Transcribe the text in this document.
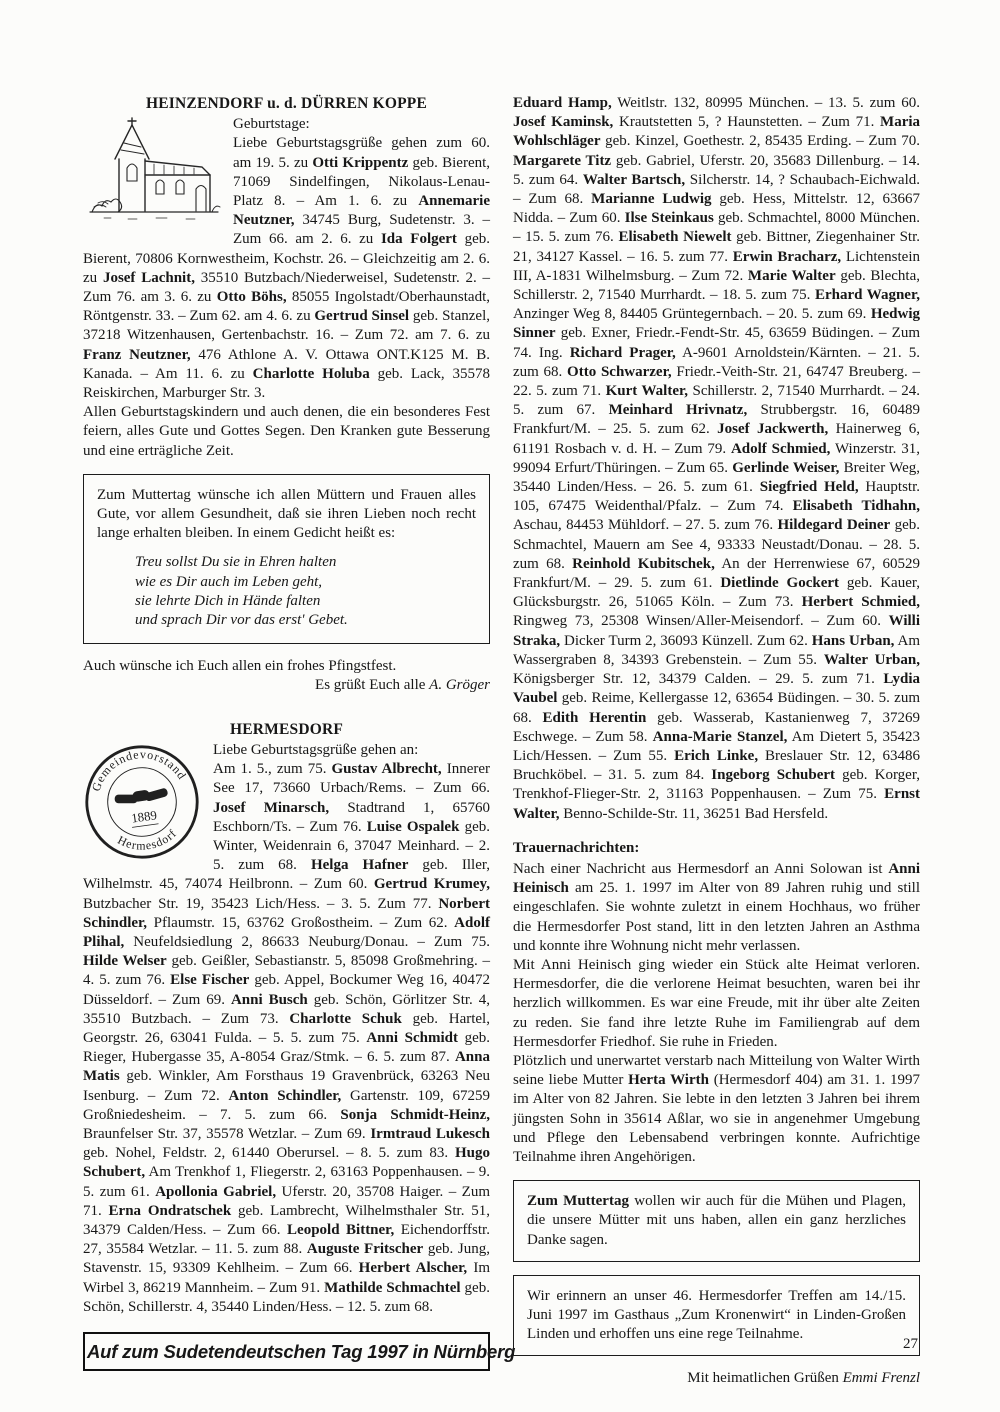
HEINZENDORF u. d. DÜRREN KOPPE
Geburtstage:

Liebe Geburtstagsgrüße gehen zum 60. am 19. 5. zu Otti Krippentz geb. Bierent, 71069 Sindelfingen, Nikolaus-Lenau-Platz 8. – Am 1. 6. zu Annemarie Neutzner, 34745 Burg, Sudetenstr. 3. – Zum 66. am 2. 6. zu Ida Folgert geb. Bierent, 70806 Kornwestheim, Kochstr. 26. – Gleichzeitig am 2. 6. zu Josef Lachnit, 35510 Butzbach/Niederweisel, Sudetenstr. 2. – Zum 76. am 3. 6. zu Otto Böhs, 85055 Ingolstadt/Oberhaunstadt, Röntgenstr. 33. – Zum 62. am 4. 6. zu Gertrud Sinsel geb. Stanzel, 37218 Witzenhausen, Gertenbachstr. 16. – Zum 72. am 7. 6. zu Franz Neutzner, 476 Athlone A. V. Ottawa ONT.K125 M. B. Kanada. – Am 11. 6. zu Charlotte Holuba geb. Lack, 35578 Reiskirchen, Marburger Str. 3.

Allen Geburtstagskindern und auch denen, die ein besonderes Fest feiern, alles Gute und Gottes Segen. Den Kranken gute Besserung und eine erträgliche Zeit.

Zum Muttertag wünsche ich allen Müttern und Frauen alles Gute, vor allem Gesundheit, daß sie ihren Lieben noch recht lange erhalten bleiben. In einem Gedicht heißt es:

Treu sollst Du sie in Ehren halten
wie es Dir auch im Leben geht,
sie lehrte Dich in Hände falten
und sprach Dir vor das erst' Gebet.

Auch wünsche ich Euch allen ein frohes Pfingstfest.

Es grüßt Euch alle A. Gröger

HERMESDORF
Gemeindevorstand
Hermesdorf
1889
Liebe Geburtstagsgrüße gehen an:

Am 1. 5., zum 75. Gustav Albrecht, Innerer See 17, 73660 Urbach/Rems. – Zum 66. Josef Minarsch, Stadtrand 1, 65760 Eschborn/Ts. – Zum 76. Luise Ospalek geb. Winter, Weidenrain 6, 37047 Meinhard. – 2. 5. zum 68. Helga Hafner geb. Iller, Wilhelmstr. 45, 74074 Heilbronn. – Zum 60. Gertrud Krumey, Butzbacher Str. 19, 35423 Lich/Hess. – 3. 5. Zum 77. Norbert Schindler, Pflaumstr. 15, 63762 Großostheim. – Zum 62. Adolf Plihal, Neufeldsiedlung 2, 86633 Neuburg/Donau. – Zum 75. Hilde Welser geb. Geißler, Sebastianstr. 5, 85098 Großmehring. – 4. 5. zum 76. Else Fischer geb. Appel, Bockumer Weg 16, 40472 Düsseldorf. – Zum 69. Anni Busch geb. Schön, Görlitzer Str. 4, 35510 Butzbach. – Zum 73. Charlotte Schuk geb. Hartel, Georgstr. 26, 63041 Fulda. – 5. 5. zum 75. Anni Schmidt geb. Rieger, Hubergasse 35, A-8054 Graz/Stmk. – 6. 5. zum 87. Anna Matis geb. Winkler, Am Forsthaus 19 Gravenbrück, 63263 Neu Isenburg. – Zum 72. Anton Schindler, Gartenstr. 109, 67259 Großniedesheim. – 7. 5. zum 66. Sonja Schmidt-Heinz, Braunfelser Str. 37, 35578 Wetzlar. – Zum 69. Irmtraud Lukesch geb. Nohel, Feldstr. 2, 61440 Oberursel. – 8. 5. zum 83. Hugo Schubert, Am Trenkhof 1, Fliegerstr. 2, 63163 Poppenhausen. – 9. 5. zum 61. Apollonia Gabriel, Uferstr. 20, 35708 Haiger. – Zum 71. Erna Ondratschek geb. Lambrecht, Wilhelmsthaler Str. 51, 34379 Calden/Hess. – Zum 66. Leopold Bittner, Eichendorffstr. 27, 35584 Wetzlar. – 11. 5. zum 88. Auguste Fritscher geb. Jung, Stavenstr. 15, 93309 Kehlheim. – Zum 66. Herbert Alscher, Im Wirbel 3, 86219 Mannheim. – Zum 91. Mathilde Schmachtel geb. Schön, Schillerstr. 4, 35440 Linden/Hess. – 12. 5. zum 68.

Auf zum Sudetendeutschen Tag 1997 in Nürnberg

Eduard Hamp, Weitlstr. 132, 80995 München. – 13. 5. zum 60. Josef Kaminsk, Krautstetten 5, ? Haunstetten. – Zum 71. Maria Wohlschläger geb. Kinzel, Goethestr. 2, 85435 Erding. – Zum 70. Margarete Titz geb. Gabriel, Uferstr. 20, 35683 Dillenburg. – 14. 5. zum 64. Walter Bartsch, Silcherstr. 14, ? Schaubach-Eichwald. – Zum 68. Marianne Ludwig geb. Hess, Mittelstr. 12, 63667 Nidda. – Zum 60. Ilse Steinkaus geb. Schmachtel, 8000 München. – 15. 5. zum 76. Elisabeth Niewelt geb. Bittner, Ziegenhainer Str. 21, 34127 Kassel. – 16. 5. zum 77. Erwin Bracharz, Lichtenstein III, A-1831 Wilhelmsburg. – Zum 72. Marie Walter geb. Blechta, Schillerstr. 2, 71540 Murrhardt. – 18. 5. zum 75. Erhard Wagner, Anzinger Weg 8, 84405 Grüntegernbach. – 20. 5. zum 69. Hedwig Sinner geb. Exner, Friedr.-Fendt-Str. 45, 63659 Büdingen. – Zum 74. Ing. Richard Prager, A-9601 Arnoldstein/Kärnten. – 21. 5. zum 68. Otto Schwarzer, Friedr.-Veith-Str. 21, 64747 Breuberg. – 22. 5. zum 71. Kurt Walter, Schillerstr. 2, 71540 Murrhardt. – 24. 5. zum 67. Meinhard Hrivnatz, Strubbergstr. 16, 60489 Frankfurt/M. – 25. 5. zum 62. Josef Jackwerth, Hainerweg 6, 61191 Rosbach v. d. H. – Zum 79. Adolf Schmied, Winzerstr. 31, 99094 Erfurt/Thüringen. – Zum 65. Gerlinde Weiser, Breiter Weg, 35440 Linden/Hess. – 26. 5. zum 61. Siegfried Held, Hauptstr. 105, 67475 Weidenthal/Pfalz. – Zum 74. Elisabeth Tidhahn, Aschau, 84453 Mühldorf. – 27. 5. zum 76. Hildegard Deiner geb. Schmachtel, Mauern am See 4, 93333 Neustadt/Donau. – 28. 5. zum 68. Reinhold Kubitschek, An der Herrenwiese 67, 60529 Frankfurt/M. – 29. 5. zum 61. Dietlinde Gockert geb. Kauer, Glücksburgstr. 26, 51065 Köln. – Zum 73. Herbert Schmied, Ringweg 73, 25308 Winsen/Aller-Meisendorf. – Zum 60. Willi Straka, Dicker Turm 2, 36093 Künzell. Zum 62. Hans Urban, Am Wassergraben 8, 34393 Grebenstein. – Zum 55. Walter Urban, Königsberger Str. 12, 34379 Calden. – 29. 5. zum 71. Lydia Vaubel geb. Reime, Kellergasse 12, 63654 Büdingen. – 30. 5. zum 68. Edith Herentin geb. Wasserab, Kastanienweg 7, 37269 Eschwege. – Zum 58. Anna-Marie Stanzel, Am Dietert 5, 35423 Lich/Hessen. – Zum 55. Erich Linke, Breslauer Str. 12, 63486 Bruchköbel. – 31. 5. zum 84. Ingeborg Schubert geb. Korger, Trenkhof-Flieger-Str. 2, 31163 Poppenhausen. – Zum 75. Ernst Walter, Benno-Schilde-Str. 11, 36251 Bad Hersfeld.

Trauernachrichten:

Nach einer Nachricht aus Hermesdorf an Anni Solowan ist Anni Heinisch am 25. 1. 1997 im Alter von 89 Jahren ruhig und still eingeschlafen. Sie wohnte zuletzt in einem Hochhaus, wo früher die Hermesdorfer Post stand, litt in den letzten Jahren an Asthma und konnte ihre Wohnung nicht mehr verlassen.

Mit Anni Heinisch ging wieder ein Stück alte Heimat verloren. Hermesdorfer, die die verlorene Heimat besuchten, waren bei ihr herzlich willkommen. Es war eine Freude, mit ihr über alte Zeiten zu reden. Sie fand ihre letzte Ruhe im Familiengrab auf dem Hermesdorfer Friedhof. Sie ruhe in Frieden.

Plötzlich und unerwartet verstarb nach Mitteilung von Walter Wirth seine liebe Mutter Herta Wirth (Hermesdorf 404) am 31. 1. 1997 im Alter von 82 Jahren. Sie lebte in den letzten 3 Jahren bei ihrem jüngsten Sohn in 35614 Aßlar, wo sie in angenehmer Umgebung und Pflege den Lebensabend verbringen konnte. Aufrichtige Teilnahme ihren Angehörigen.

Zum Muttertag wollen wir auch für die Mühen und Plagen, die unsere Mütter mit uns haben, allen ein ganz herzliches Danke sagen.

Wir erinnern an unser 46. Hermesdorfer Treffen am 14./15. Juni 1997 im Gasthaus „Zum Kronenwirt“ in Linden-Großen Linden und erhoffen uns eine rege Teilnahme.

Mit heimatlichen Grüßen Emmi Frenzl

27
